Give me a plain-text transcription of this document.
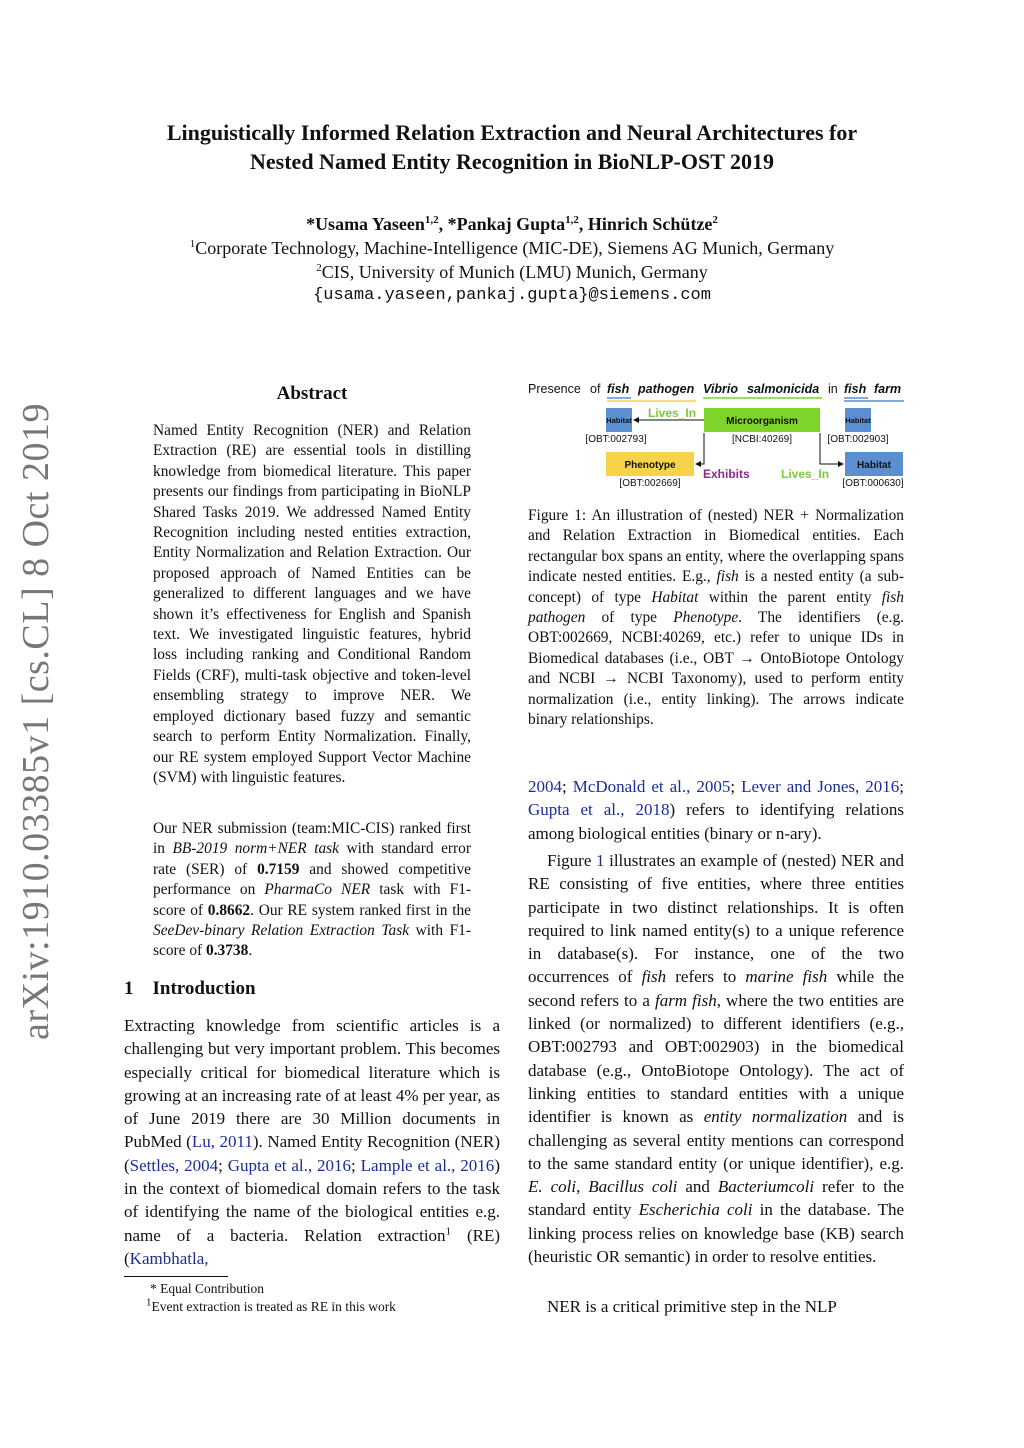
Linguistically Informed Relation Extraction and Neural Architectures for
Nested Named Entity Recognition in BioNLP-OST 2019
*Usama Yaseen$^{1,2}$, *Pankaj Gupta$^{1,2}$, Hinrich Schütze$^2$
$^1$Corporate Technology, Machine-Intelligence (MIC-DE), Siemens AG Munich, Germany
$^2$CIS, University of Munich (LMU) Munich, Germany
{usama.yaseen,pankaj.gupta}@siemens.com
arXiv:1910.03385v1 [cs.CL] 8 Oct 2019
Abstract
Named Entity Recognition (NER) and Relation Extraction (RE) are essential tools in distilling knowledge from biomedical literature. This paper presents our findings from participating in BioNLP Shared Tasks 2019. We addressed Named Entity Recognition including nested entities extraction, Entity Normalization and Relation Extraction. Our proposed approach of Named Entities can be generalized to different languages and we have shown it’s effectiveness for English and Spanish text. We investigated linguistic features, hybrid loss including ranking and Conditional Random Fields (CRF), multi-task objective and token-level ensembling strategy to improve NER. We employed dictionary based fuzzy and semantic search to perform Entity Normalization. Finally, our RE system employed Support Vector Machine (SVM) with linguistic features.
Our NER submission (team:MIC-CIS) ranked first in BB-2019 norm+NER task with standard error rate (SER) of 0.7159 and showed competitive performance on PharmaCo NER task with F1-score of 0.8662. Our RE system ranked first in the SeeDev-binary Relation Extraction Task with F1-score of 0.3738.
1 Introduction
Extracting knowledge from scientific articles is a challenging but very important problem. This becomes especially critical for biomedical literature which is growing at an increasing rate of at least 4% per year, as of June 2019 there are 30 Million documents in PubMed (Lu, 2011). Named Entity Recognition (NER) (Settles, 2004; Gupta et al., 2016; Lample et al., 2016) in the context of biomedical domain refers to the task of identifying the name of the biological entities e.g. name of a bacteria. Relation extraction$^1$ (RE) (Kambhatla,
* Equal Contribution
$^1$Event extraction is treated as RE in this work
Presence of fish pathogen Vibrio salmonicida in fish farm
Habitat
[OBT:002793]
Lives_In
Microorganism
[NCBI:40269]
Habitat
[OBT:002903]
Phenotype
[OBT:002669]
Exhibits	Lives_In
Habitat
[OBT:000630]
Figure 1: An illustration of (nested) NER + Normalization and Relation Extraction in Biomedical entities. Each rectangular box spans an entity, where the overlapping spans indicate nested entities. E.g., fish is a nested entity (a sub-concept) of type Habitat within the parent entity fish pathogen of type Phenotype. The identifiers (e.g. OBT:002669, NCBI:40269, etc.) refer to unique IDs in Biomedical databases (i.e., OBT → OntoBiotope Ontology and NCBI → NCBI Taxonomy), used to perform entity normalization (i.e., entity linking). The arrows indicate binary relationships.
2004; McDonald et al., 2005; Lever and Jones, 2016; Gupta et al., 2018) refers to identifying relations among biological entities (binary or n-ary).
Figure 1 illustrates an example of (nested) NER and RE consisting of five entities, where three entities participate in two distinct relationships. It is often required to link named entity(s) to a unique reference in database(s). For instance, one of the two occurrences of fish refers to marine fish while the second refers to a farm fish, where the two entities are linked (or normalized) to different identifiers (e.g., OBT:002793 and OBT:002903) in the biomedical database (e.g., OntoBiotope Ontology). The act of linking entities to standard entities with a unique identifier is known as entity normalization and is challenging as several entity mentions can correspond to the same standard entity (or unique identifier), e.g. E. coli, Bacillus coli and Bacteriumcoli refer to the standard entity Escherichia coli in the database. The linking process relies on knowledge base (KB) search (heuristic OR semantic) in order to resolve entities.
NER is a critical primitive step in the NLP
